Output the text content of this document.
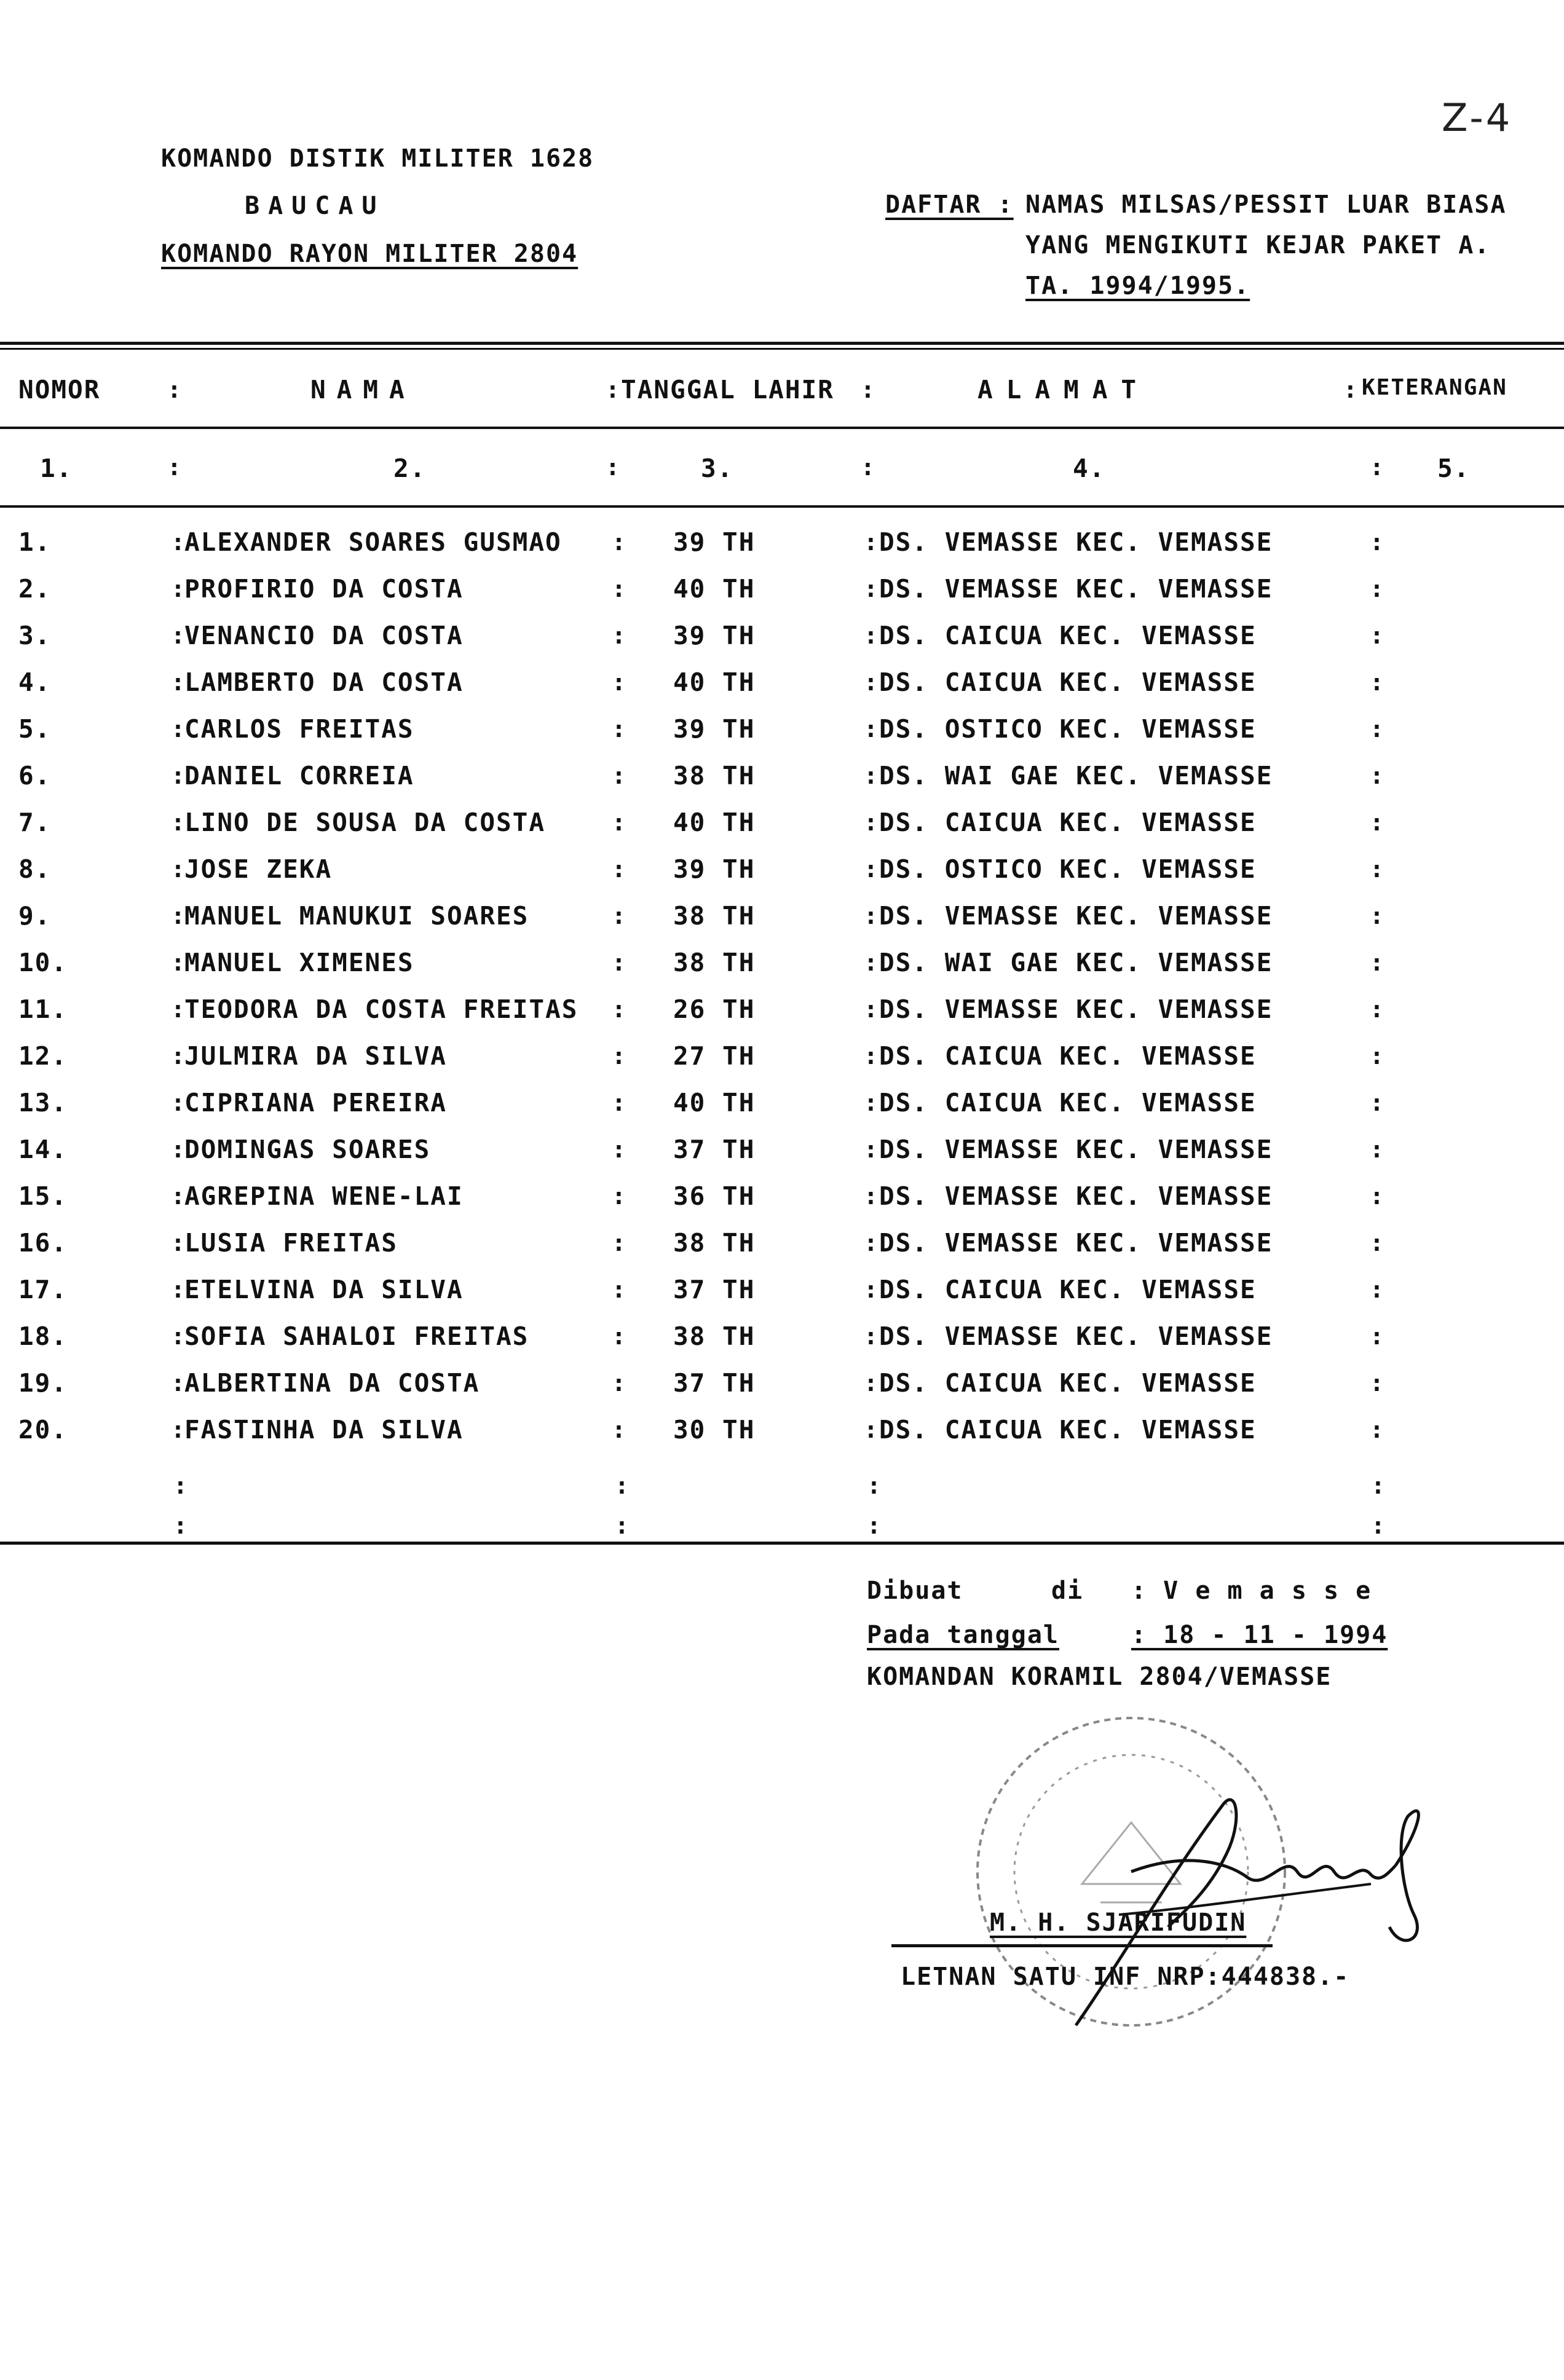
Z-4
KOMANDO DISTIK MILITER 1628
BAUCAU
KOMANDO RAYON MILITER 2804
DAFTAR : NAMAS MILSAS/PESSIT LUAR BIASA
YANG MENGIKUTI KEJAR PAKET A.
TA. 1994/1995.
NOMOR	:	NAMA	: TANGGAL LAHIR :	ALAMAT	: KETERANGAN
1.	:	2.	:	3.	:	4.	: 5.
:	:	:	:
1.	ALEXANDER SOARES GUSMAO	39 TH	DS. VEMASSE KEC. VEMASSE
:	:	:	:
2.	PROFIRIO DA COSTA	40 TH	DS. VEMASSE KEC. VEMASSE
:	:	:	:
3.	VENANCIO DA COSTA	39 TH	DS. CAICUA KEC. VEMASSE
:	:	:	:
4.	LAMBERTO DA COSTA	40 TH	DS. CAICUA KEC. VEMASSE
:	:	:	:
5.	CARLOS FREITAS	39 TH	DS. OSTICO KEC. VEMASSE
:	:	:	:
6.	DANIEL CORREIA	38 TH	DS. WAI GAE KEC. VEMASSE
:	:	:	:
7.	LINO DE SOUSA DA COSTA	40 TH	DS. CAICUA KEC. VEMASSE
:	:	:	:
8.	JOSE ZEKA	39 TH	DS. OSTICO KEC. VEMASSE
:	:	:	:
9.	MANUEL MANUKUI SOARES	38 TH	DS. VEMASSE KEC. VEMASSE
:	:	:	:
10.	MANUEL XIMENES	38 TH	DS. WAI GAE KEC. VEMASSE
:	:	:	:
11.	TEODORA DA COSTA FREITAS	26 TH	DS. VEMASSE KEC. VEMASSE
:	:	:	:
12.	JULMIRA DA SILVA	27 TH	DS. CAICUA KEC. VEMASSE
:	:	:	:
13.	CIPRIANA PEREIRA	40 TH	DS. CAICUA KEC. VEMASSE
:	:	:	:
14.	DOMINGAS SOARES	37 TH	DS. VEMASSE KEC. VEMASSE
:	:	:	:
15.	AGREPINA WENE-LAI	36 TH	DS. VEMASSE KEC. VEMASSE
:	:	:	:
16.	LUSIA FREITAS	38 TH	DS. VEMASSE KEC. VEMASSE
:	:	:	:
17.	ETELVINA DA SILVA	37 TH	DS. CAICUA KEC. VEMASSE
:	:	:	:
18.	SOFIA SAHALOI FREITAS	38 TH	DS. VEMASSE KEC. VEMASSE
:	:	:	:
19.	ALBERTINA DA COSTA	37 TH	DS. CAICUA KEC. VEMASSE
:	:	:	:
20.	FASTINHA DA SILVA	30 TH	DS. CAICUA KEC. VEMASSE
:	:	:	:
:	:	:	:
Dibuat	di : V e m a s s e
Pada tanggal	: 18 - 11 - 1994
KOMANDAN KORAMIL 2804/VEMASSE
M. H. SJARIFUDIN
LETNAN SATU INF NRP:444838.-
